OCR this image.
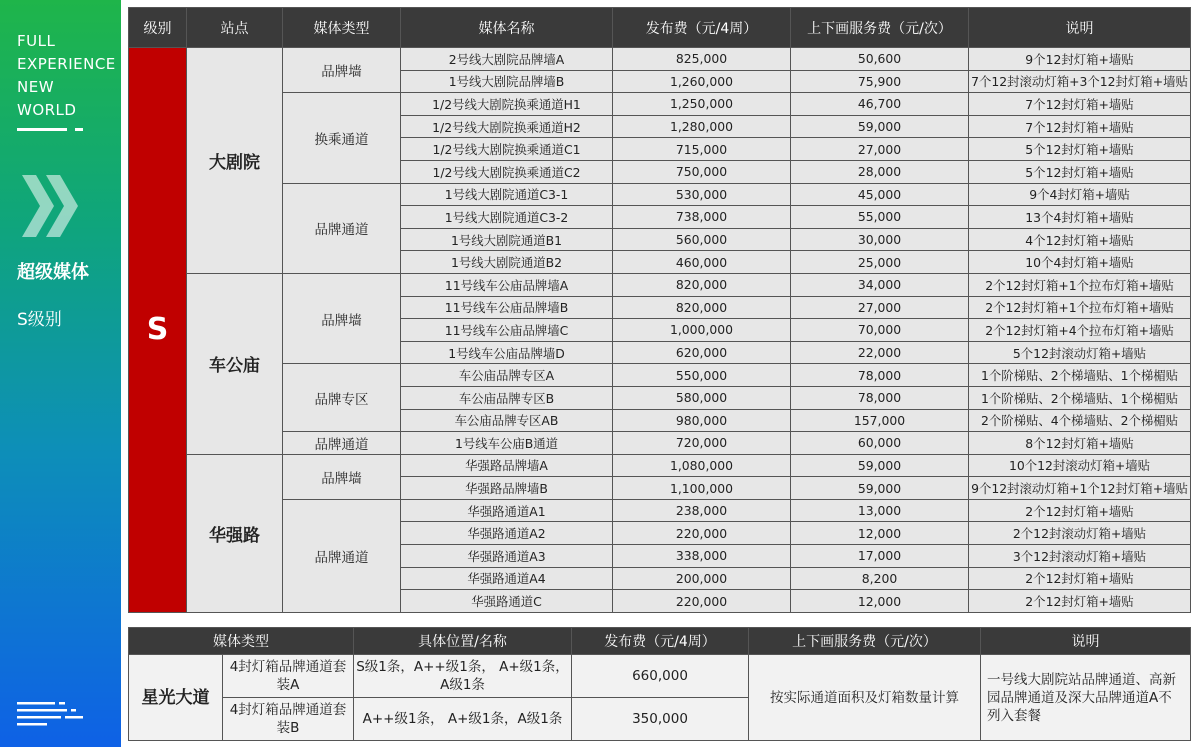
FULL
EXPERIENCE
NEW
WORLD
超级媒体
S级别
级别	站点	媒体类型	媒体名称	发布费（元/4周）	上下画服务费（元/次）	说明
S	大剧院	品牌墙	2号线大剧院品牌墙A	825,000	50,600	9个12封灯箱+墙贴
			1号线大剧院品牌墙B	1,260,000	75,900	7个12封滚动灯箱+3个12封灯箱+墙贴
		换乘通道	1/2号线大剧院换乘通道H1	1,250,000	46,700	7个12封灯箱+墙贴
			1/2号线大剧院换乘通道H2	1,280,000	59,000	7个12封灯箱+墙贴
			1/2号线大剧院换乘通道C1	715,000	27,000	5个12封灯箱+墙贴
			1/2号线大剧院换乘通道C2	750,000	28,000	5个12封灯箱+墙贴
		品牌通道	1号线大剧院通道C3-1	530,000	45,000	9个4封灯箱+墙贴
			1号线大剧院通道C3-2	738,000	55,000	13个4封灯箱+墙贴
			1号线大剧院通道B1	560,000	30,000	4个12封灯箱+墙贴
			1号线大剧院通道B2	460,000	25,000	10个4封灯箱+墙贴
	车公庙	品牌墙	11号线车公庙品牌墙A	820,000	34,000	2个12封灯箱+1个拉布灯箱+墙贴
			11号线车公庙品牌墙B	820,000	27,000	2个12封灯箱+1个拉布灯箱+墙贴
			11号线车公庙品牌墙C	1,000,000	70,000	2个12封灯箱+4个拉布灯箱+墙贴
			1号线车公庙品牌墙D	620,000	22,000	5个12封滚动灯箱+墙贴
		品牌专区	车公庙品牌专区A	550,000	78,000	1个阶梯贴、2个梯墙贴、1个梯楣贴
			车公庙品牌专区B	580,000	78,000	1个阶梯贴、2个梯墙贴、1个梯楣贴
			车公庙品牌专区AB	980,000	157,000	2个阶梯贴、4个梯墙贴、2个梯楣贴
		品牌通道	1号线车公庙B通道	720,000	60,000	8个12封灯箱+墙贴
	华强路	品牌墙	华强路品牌墙A	1,080,000	59,000	10个12封滚动灯箱+墙贴
			华强路品牌墙B	1,100,000	59,000	9个12封滚动灯箱+1个12封灯箱+墙贴
		品牌通道	华强路通道A1	238,000	13,000	2个12封灯箱+墙贴
			华强路通道A2	220,000	12,000	2个12封滚动灯箱+墙贴
			华强路通道A3	338,000	17,000	3个12封滚动灯箱+墙贴
			华强路通道A4	200,000	8,200	2个12封灯箱+墙贴
			华强路通道C	220,000	12,000	2个12封灯箱+墙贴
媒体类型		具体位置/名称	发布费（元/4周）	上下画服务费（元/次）	说明
星光大道	4封灯箱品牌通道套装A	S级1条，A++级1条， A+级1条，A级1条	660,000	按实际通道面积及灯箱数量计算	一号线大剧院站品牌通道、高新园品牌通道及深大品牌通道A不列入套餐
	4封灯箱品牌通道套装B	A++级1条， A+级1条，A级1条	350,000		
